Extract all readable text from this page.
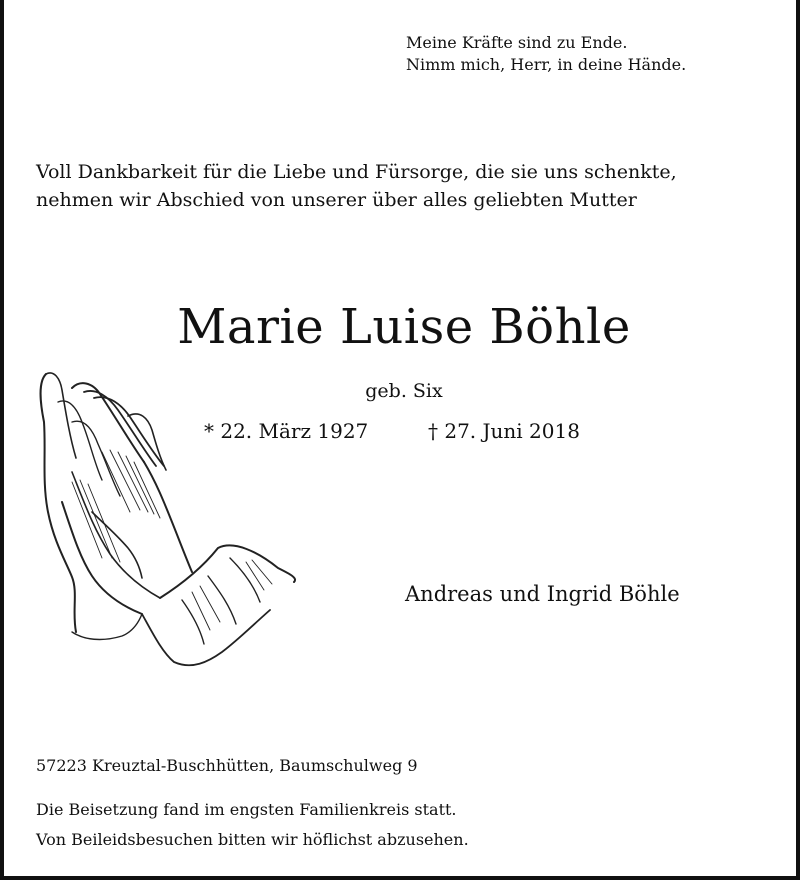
Meine Kräfte sind zu Ende.
Nimm mich, Herr, in deine Hände.
Voll Dankbarkeit für die Liebe und Fürsorge, die sie uns schenkte,
nehmen wir Abschied von unserer über alles geliebten Mutter
Marie Luise Böhle
geb. Six
* 22. März 1927	† 27. Juni 2018
Andreas und Ingrid Böhle
57223 Kreuztal-Buschhütten, Baumschulweg 9
Die Beisetzung fand im engsten Familienkreis statt.
Von Beileidsbesuchen bitten wir höflichst abzusehen.
